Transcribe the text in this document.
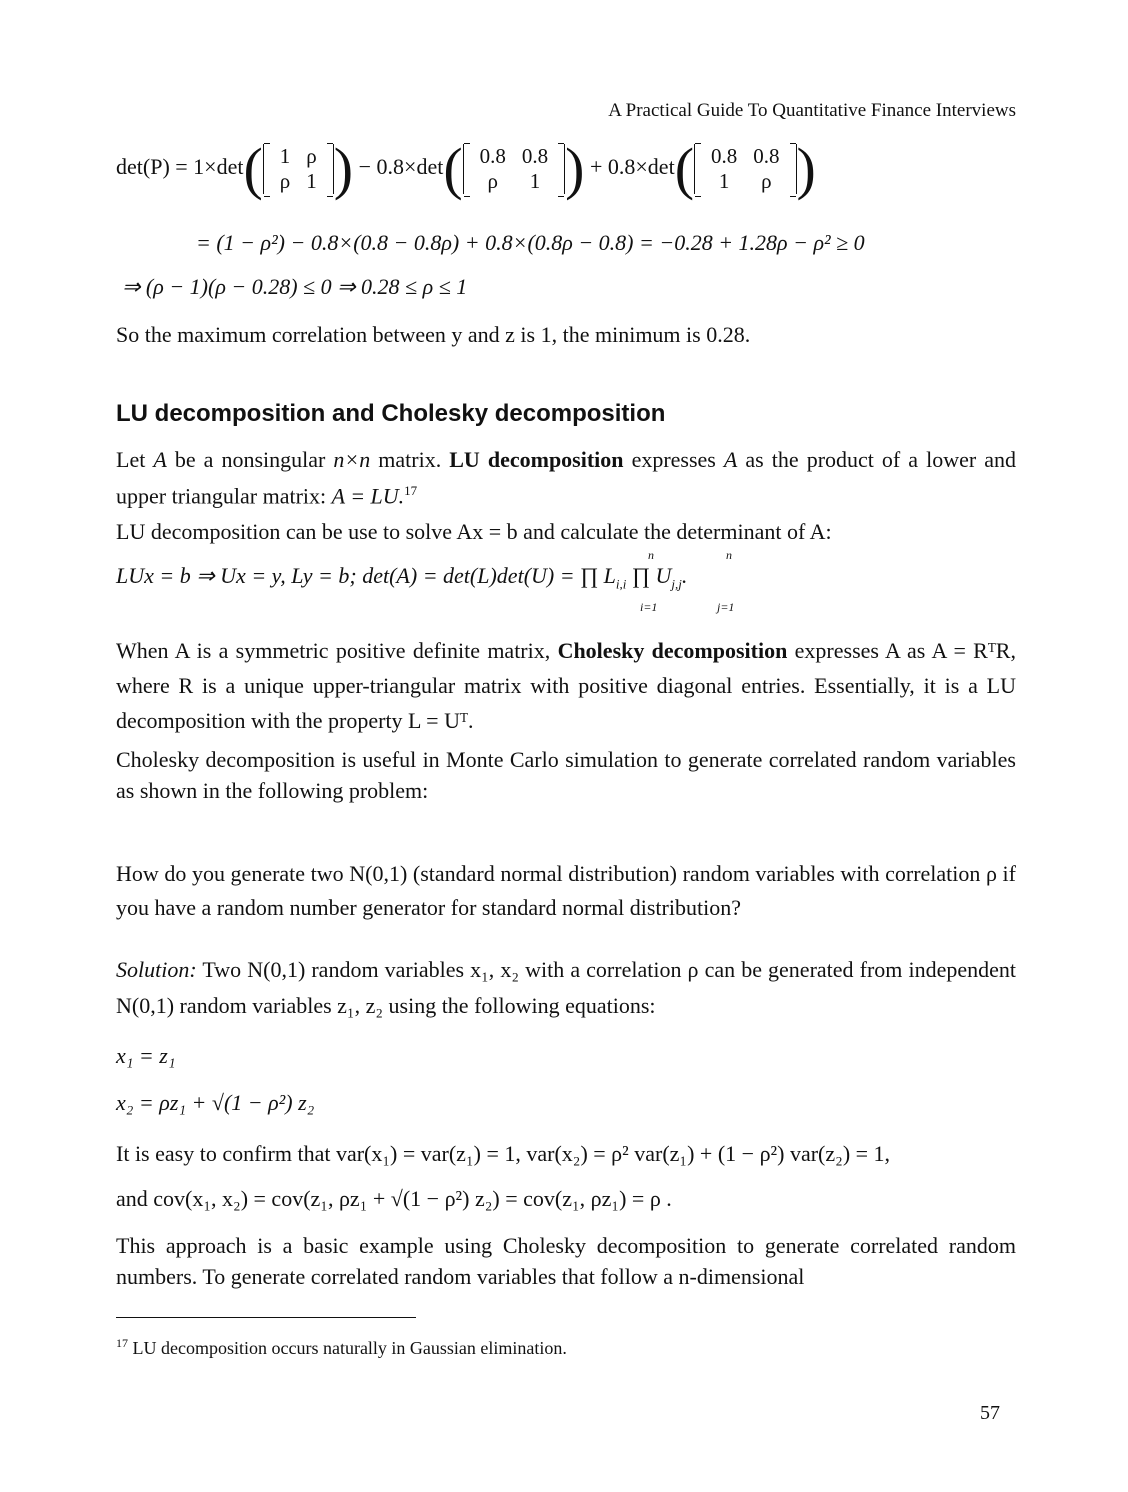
A Practical Guide To Quantitative Finance Interviews
det(P) = 1×det( 1	ρ
ρ	1 ) − 0.8×det( 0.8	0.8
ρ	1 ) + 0.8×det( 0.8	0.8
1	ρ )
= (1 − ρ²) − 0.8×(0.8 − 0.8ρ) + 0.8×(0.8ρ − 0.8) = −0.28 + 1.28ρ − ρ² ≥ 0
⇒ (ρ − 1)(ρ − 0.28) ≤ 0 ⇒ 0.28 ≤ ρ ≤ 1
So the maximum correlation between y and z is 1, the minimum is 0.28.
LU decomposition and Cholesky decomposition
Let A be a nonsingular n×n matrix. LU decomposition expresses A as the product of a lower and upper triangular matrix: A = LU.$^{17}$
LU decomposition can be use to solve Ax = b and calculate the determinant of A:
LUx = b ⇒ Ux = y, Ly = b; det(A) = det(L)det(U) = ∏ $L_{i,i}$ ∏ $U_{j,j}$.
n
i=1
n
j=1
When A is a symmetric positive definite matrix, Cholesky decomposition expresses A as A = RᵀR, where R is a unique upper-triangular matrix with positive diagonal entries. Essentially, it is a LU decomposition with the property L = Uᵀ.
Cholesky decomposition is useful in Monte Carlo simulation to generate correlated random variables as shown in the following problem:
How do you generate two N(0,1) (standard normal distribution) random variables with correlation ρ if you have a random number generator for standard normal distribution?
Solution: Two N(0,1) random variables x₁, x₂ with a correlation ρ can be generated from independent N(0,1) random variables z₁, z₂ using the following equations:
x₁ = z₁
x₂ = ρz₁ + √(1 − ρ²) z₂
It is easy to confirm that var(x₁) = var(z₁) = 1, var(x₂) = ρ² var(z₁) + (1 − ρ²) var(z₂) = 1,
and cov(x₁, x₂) = cov(z₁, ρz₁ + √(1 − ρ²) z₂) = cov(z₁, ρz₁) = ρ .
This approach is a basic example using Cholesky decomposition to generate correlated random numbers. To generate correlated random variables that follow a n-dimensional
$^{17}$ LU decomposition occurs naturally in Gaussian elimination.
57
